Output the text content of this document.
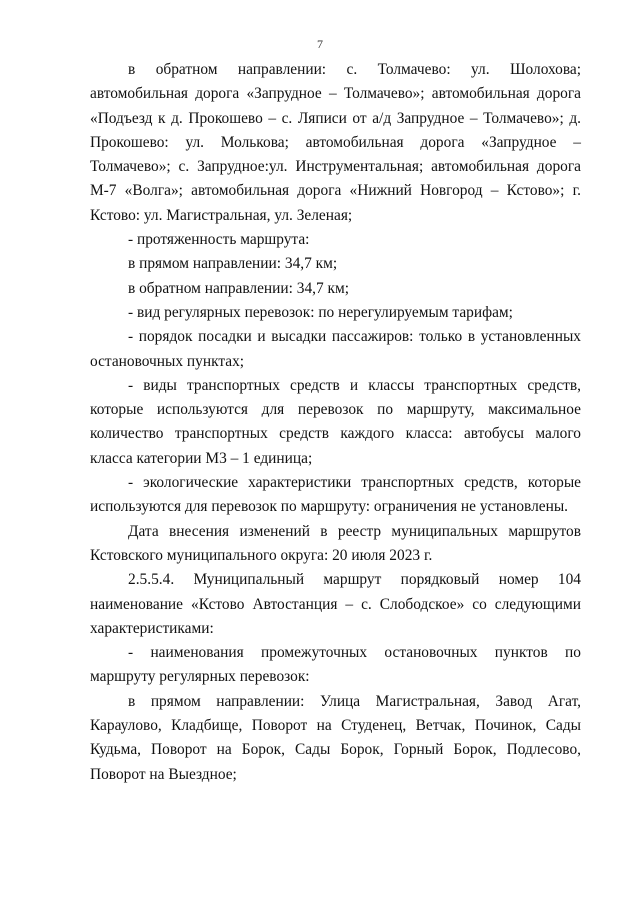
7

в обратном направлении: с. Толмачево: ул. Шолохова; автомобильная дорога «Запрудное – Толмачево»; автомобильная дорога «Подъезд к д. Прокошево – с. Ляписи от а/д Запрудное – Толмачево»; д. Прокошево: ул. Молькова; автомобильная дорога «Запрудное – Толмачево»; с. Запрудное:ул. Инструментальная; автомобильная дорога М-7 «Волга»; автомобильная дорога «Нижний Новгород – Кстово»; г. Кстово: ул. Магистральная, ул. Зеленая;

- протяженность маршрута:

в прямом направлении: 34,7 км;

в обратном направлении: 34,7 км;

- вид регулярных перевозок: по нерегулируемым тарифам;

- порядок посадки и высадки пассажиров: только в установленных остановочных пунктах;

- виды транспортных средств и классы транспортных средств, которые используются для перевозок по маршруту, максимальное количество транспортных средств каждого класса: автобусы малого класса категории М3 – 1 единица;

- экологические характеристики транспортных средств, которые используются для перевозок по маршруту: ограничения не установлены.

Дата внесения изменений в реестр муниципальных маршрутов Кстовского муниципального округа: 20 июля 2023 г.

2.5.5.4. Муниципальный маршрут порядковый номер 104 наименование «Кстово Автостанция – с. Слободское» со следующими характеристиками:

- наименования промежуточных остановочных пунктов по маршруту регулярных перевозок:

в прямом направлении: Улица Магистральная, Завод Агат, Караулово, Кладбище, Поворот на Студенец, Ветчак, Починок, Сады Кудьма, Поворот на Борок, Сады Борок, Горный Борок, Подлесово, Поворот на Выездное;
